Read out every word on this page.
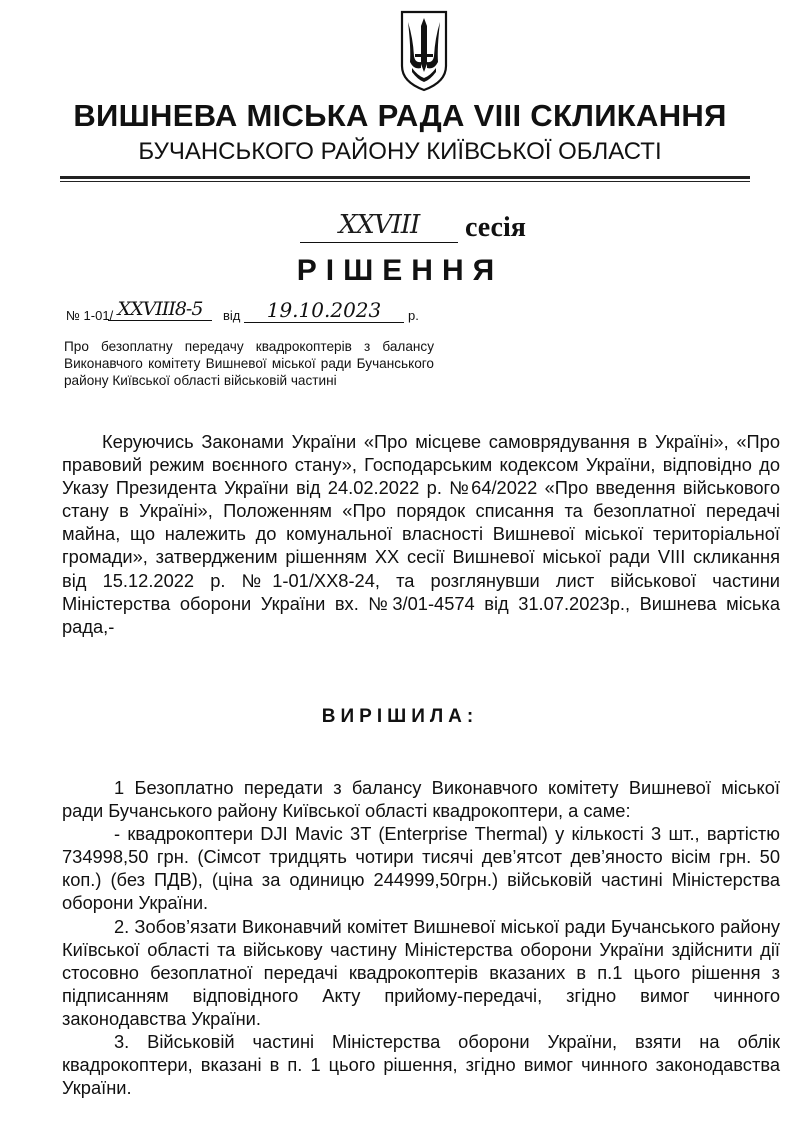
ВИШНЕВА МІСЬКА РАДА VIII СКЛИКАННЯ
БУЧАНСЬКОГО РАЙОНУ КИЇВСЬКОЇ ОБЛАСТІ
XXVIII	сесія
РІШЕННЯ
№ 1-01/ XXVIII8-5	від	19.10.2023	р.
Про безоплатну передачу квадрокоптерів з балансу Виконавчого комітету Вишневої міської ради Бучанського району Київської області військовій частині

Керуючись Законами України «Про місцеве самоврядування в Україні», «Про правовий режим воєнного стану», Господарським кодексом України, відповідно до Указу Президента України від 24.02.2022 р. №64/2022 «Про введення військового стану в Україні», Положенням «Про порядок списання та безоплатної передачі майна, що належить до комунальної власності Вишневої міської територіальної громади», затвердженим рішенням XX сесії Вишневої міської ради VIII скликання від 15.12.2022 р. №1-01/XX8-24, та розглянувши лист військової частини Міністерства оборони України вх. №3/01-4574 від 31.07.2023р., Вишнева міська рада,-

ВИРІШИЛА:

1 Безоплатно передати з балансу Виконавчого комітету Вишневої міської ради Бучанського району Київської області квадрокоптери, а саме:

- квадрокоптери DJI Mavic 3T (Enterprise Thermal) у кількості 3 шт., вартістю 734998,50 грн. (Сімсот тридцять чотири тисячі дев’ятсот дев’яносто вісім грн. 50 коп.) (без ПДВ), (ціна за одиницю 244999,50грн.) військовій частині Міністерства оборони України.

2. Зобов’язати Виконавчий комітет Вишневої міської ради Бучанського району Київської області та військову частину Міністерства оборони України здійснити дії стосовно безоплатної передачі квадрокоптерів вказаних в п.1 цього рішення з підписанням відповідного Акту прийому-передачі, згідно вимог чинного законодавства України.

3. Військовій частині Міністерства оборони України, взяти на облік квадрокоптери, вказані в п. 1 цього рішення, згідно вимог чинного законодавства України.
